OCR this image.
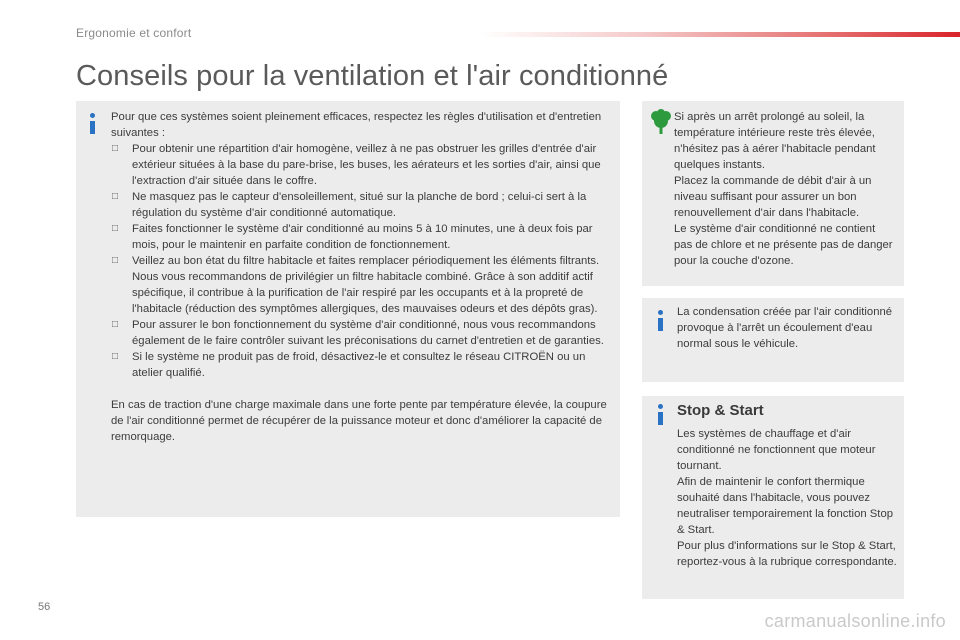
Ergonomie et confort
Conseils pour la ventilation et l'air conditionné

Pour que ces systèmes soient pleinement efficaces, respectez les règles d'utilisation et d'entretien suivantes :

□ Pour obtenir une répartition d'air homogène, veillez à ne pas obstruer les grilles d'entrée d'air extérieur situées à la base du pare-brise, les buses, les aérateurs et les sorties d'air, ainsi que l'extraction d'air située dans le coffre.
□ Ne masquez pas le capteur d'ensoleillement, situé sur la planche de bord ; celui-ci sert à la régulation du système d'air conditionné automatique.
□ Faites fonctionner le système d'air conditionné au moins 5 à 10 minutes, une à deux fois par mois, pour le maintenir en parfaite condition de fonctionnement.
□ Veillez au bon état du filtre habitacle et faites remplacer périodiquement les éléments filtrants.
Nous vous recommandons de privilégier un filtre habitacle combiné. Grâce à son additif actif spécifique, il contribue à la purification de l'air respiré par les occupants et à la propreté de l'habitacle (réduction des symptômes allergiques, des mauvaises odeurs et des dépôts gras).
□ Pour assurer le bon fonctionnement du système d'air conditionné, nous vous recommandons également de le faire contrôler suivant les préconisations du carnet d'entretien et de garanties.
□ Si le système ne produit pas de froid, désactivez-le et consultez le réseau CITROËN ou un atelier qualifié.

En cas de traction d'une charge maximale dans une forte pente par température élevée, la coupure de l'air conditionné permet de récupérer de la puissance moteur et donc d'améliorer la capacité de remorquage.

Si après un arrêt prolongé au soleil, la température intérieure reste très élevée, n'hésitez pas à aérer l'habitacle pendant quelques instants.

Placez la commande de débit d'air à un niveau suffisant pour assurer un bon renouvellement d'air dans l'habitacle.

Le système d'air conditionné ne contient pas de chlore et ne présente pas de danger pour la couche d'ozone.

La condensation créée par l'air conditionné provoque à l'arrêt un écoulement d'eau normal sous le véhicule.

Stop & Start

Les systèmes de chauffage et d'air conditionné ne fonctionnent que moteur tournant.

Afin de maintenir le confort thermique souhaité dans l'habitacle, vous pouvez neutraliser temporairement la fonction Stop & Start.

Pour plus d'informations sur le Stop & Start, reportez-vous à la rubrique correspondante.

56
carmanualsonline.info
